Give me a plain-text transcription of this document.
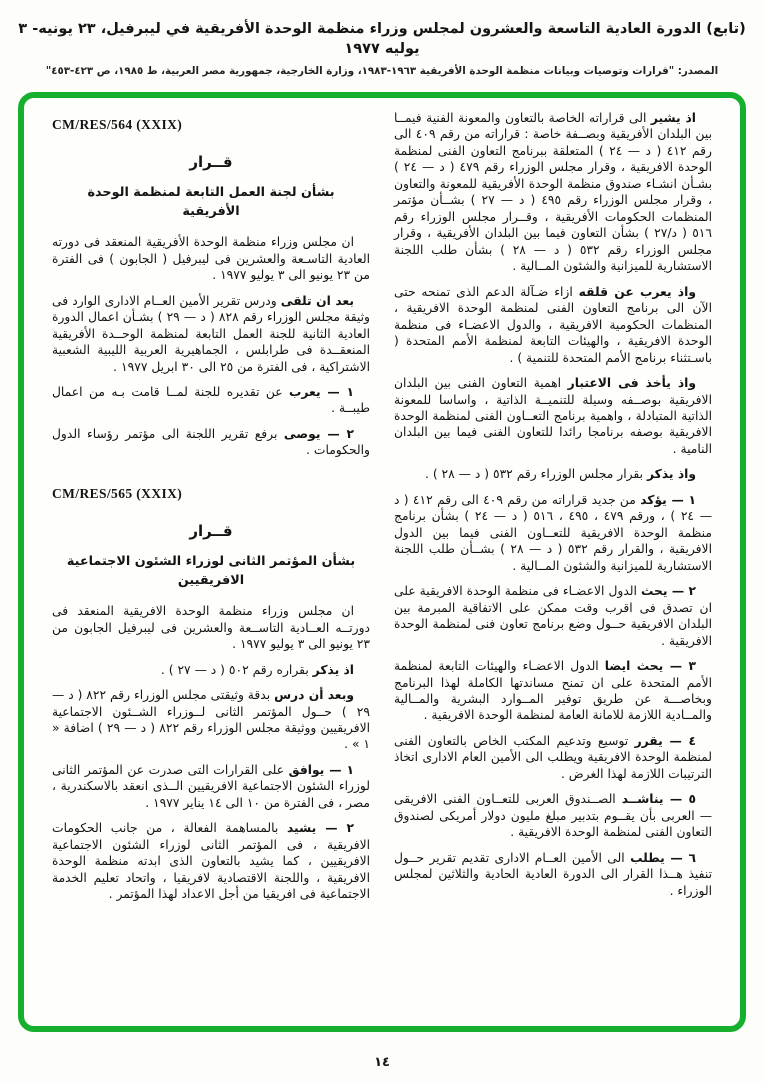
(تابع) الدورة العادية التاسعة والعشرون لمجلس وزراء منظمة الوحدة الأفريقية في ليبرفيل، ٢٣ يونيه- ٣ يوليه ١٩٧٧
المصدر: "قرارات وتوصيات وبيانات منظمة الوحدة الأفريقية ١٩٦٣-١٩٨٣، وزارة الخارجية، جمهورية مصر العربية، ط ١٩٨٥، ص ٤٢٣-٤٥٣"

اذ يشير الى قراراته الخاصة بالتعاون والمعونة الفنية فيمــا بين البلدان الأفريقية وبصــفة خاصة : قراراته من رقم ٤٠٩ الى رقم ٤١٢ ( د — ٢٤ ) المتعلقة ببرنامج التعاون الفنى لمنظمة الوحدة الافريقية ، وقرار مجلس الوزراء رقم ٤٧٩ ( د — ٢٤ ) بشـأن انشـاء صندوق منظمة الوحدة الأفريقية للمعونة والتعاون ، وقرار مجلس الوزراء رقم ٤٩٥ ( د — ٢٧ ) بشــأن مؤتمر المنظمات الحكومات الأفريقية ، وقــرار مجلس الوزراء رقم ٥١٦ ( د/٢٧ ) بشأن التعاون فيما بين البلدان الأفريقية ، وقرار مجلس الوزراء رقم ٥٣٢ ( د — ٢٨ ) بشأن طلب اللجنة الاستشارية للميزانية والشئون المــالية .

واذ يعرب عن قلقه ازاء ضـآلة الدعم الذى تمنحه حتى الآن الى برنامج التعاون الفنى لمنظمة الوحدة الافريقية ، المنظمات الحكومية الافريقية ، والدول الاعضـاء فى منظمة الوحدة الافريقية ، والهيئات التابعة لمنظمة الأمم المتحدة ( باسـتثناء برنامج الأمم المتحدة للتنمية ) .

واذ يأخذ فى الاعتبار اهمية التعاون الفنى بين البلدان الافريقية بوصــفه وسيلة للتنميــة الذاتية ، واساسا للمعونة الذاتية المتبادلة ، واهمية برنامج التعــاون الفنى لمنظمة الوحدة الافريقية بوصفه برنامجا رائدا للتعاون الفنى فيما بين البلدان النامية .

واذ يذكر بقرار مجلس الوزراء رقم ٥٣٢ ( د — ٢٨ ) .

١ — يؤكد من جديد قراراته من رقم ٤٠٩ الى رقم ٤١٢ ( د — ٢٤ ) ، ورقم ٤٧٩ ، ٤٩٥ ، ٥١٦ ( د — ٢٤ ) بشأن برنامج منظمة الوحدة الافريقية للتعــاون الفنى فيما بين الدول الافريقية ، والقرار رقم ٥٣٢ ( د — ٢٨ ) بشــأن طلب اللجنة الاستشارية للميزانية والشئون المــالية .

٢ — يحث الدول الاعضـاء فى منظمة الوحدة الافريقية على ان تصدق فى اقرب وقت ممكن على الاتفاقية المبرمة بين البلدان الافريقية حــول وضع برنامج تعاون فنى لمنظمة الوحدة الافريقية .

٣ — يحث ايضا الدول الاعضـاء والهيئات التابعة لمنظمة الأمم المتحدة على ان تمنح مساندتها الكاملة لهذا البرنامج وبخاصـــة عن طريق توفير المــوارد البشرية والمــالية والمــادية اللازمة للامانة العامة لمنظمة الوحدة الافريقية .

٤ — يقرر توسيع وتدعيم المكتب الخاص بالتعاون الفنى لمنظمة الوحدة الافريقية ويطلب الى الأمين العام الادارى اتخاذ الترتيبات اللازمة لهذا الغرض .

٥ — يناشــد الصــندوق العربى للتعــاون الفنى الافريقى — العربى بأن يقــوم بتدبير مبلغ مليون دولار أمريكى لصندوق التعاون الفنى لمنظمة الوحدة الافريقية .

٦ — يطلب الى الأمين العــام الادارى تقديم تقرير حــول تنفيذ هــذا القرار الى الدورة العادية الحادية والثلاثين لمجلس الوزراء .

CM/RES/564 (XXIX)
قــرار
بشأن لجنة العمل التابعة لمنظمة الوحدة الأفريقية

ان مجلس وزراء منظمة الوحدة الأفريقية المنعقد فى دورته العادية التاسـعة والعشرين فى ليبرفيل ( الجابون ) فى الفترة من ٢٣ يونيو الى ٣ يوليو ١٩٧٧ .

بعد ان تلقى ودرس تقرير الأمين العــام الادارى الوارد فى وثيقة مجلس الوزراء رقم ٨٢٨ ( د — ٢٩ ) بشـأن اعمال الدورة العادية الثانية للجنة العمل التابعة لمنظمة الوحــدة الأفريقية المنعقــدة فى طرابلس ، الجماهيرية العربية الليبية الشعبية الاشتراكية ، فى الفترة من ٢٥ الى ٣٠ ابريل ١٩٧٧ .

١ — يعرب عن تقديره للجنة لمــا قامت بـه من اعمال طيبــة .

٢ — يوصى برفع تقرير اللجنة الى مؤتمر رؤساء الدول والحكومات .

CM/RES/565 (XXIX)
قــرار
بشأن المؤتمر الثانى لوزراء الشئون الاجتماعية الافريقيين

ان مجلس وزراء منظمة الوحدة الافريقية المنعقد فى دورتــه العــادية التاســعة والعشرين فى ليبرفيل الجابون من ٢٣ يونيو الى ٣ يوليو ١٩٧٧ .

اذ يذكر بقراره رقم ٥٠٢ ( د — ٢٧ ) .

وبعد أن درس بدقة وثيقتى مجلس الوزراء رقم ٨٢٢ ( د — ٢٩ ) حــول المؤتمر الثانى لــوزراء الشــئون الاجتماعية الافريقيين ووثيقة مجلس الوزراء رقم ٨٢٢ ( د — ٢٩ ) اضافة « ١ » .

١ — يوافق على القرارات التى صدرت عن المؤتمر الثانى لوزراء الشئون الاجتماعية الافريقيين الــذى انعقد بالاسكندرية ، مصر ، فى الفترة من ١٠ الى ١٤ يناير ١٩٧٧ .

٢ — يشيد بالمساهمة الفعالة ، من جانب الحكومات الافريقية ، فى المؤتمر الثانى لوزراء الشئون الاجتماعية الافريقيين ، كما يشيد بالتعاون الذى ابدته منظمة الوحدة الافريقية ، واللجنة الاقتصادية لافريقيا ، واتحاد تعليم الخدمة الاجتماعية فى افريقيا من أجل الاعداد لهذا المؤتمر .

١٤
